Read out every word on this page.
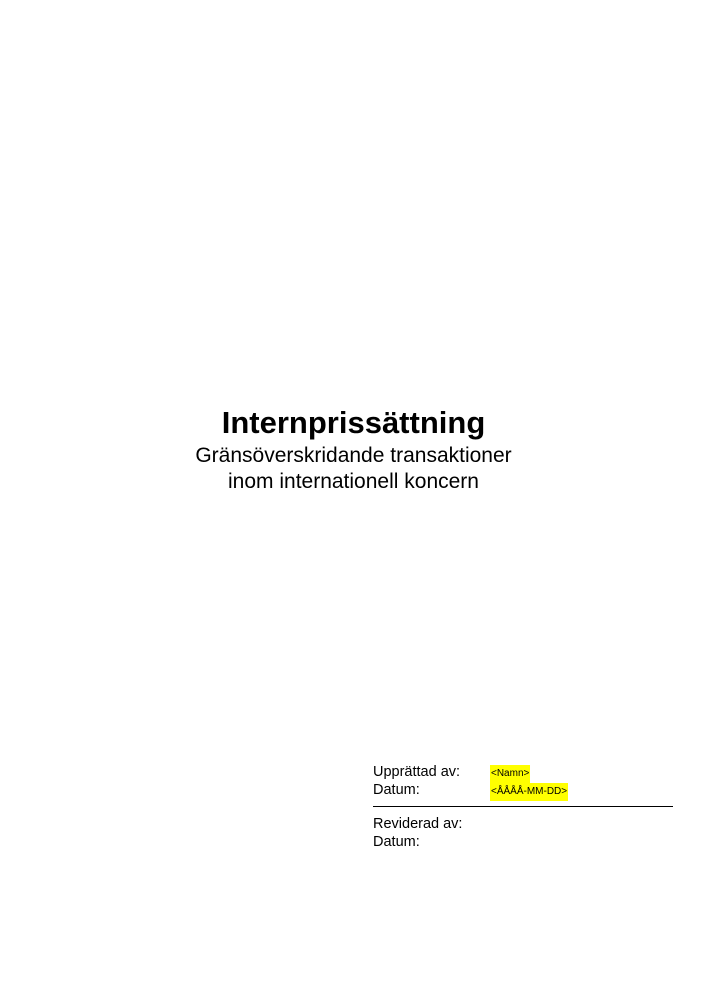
Internprissättning

Gränsöverskridande transaktioner

inom internationell koncern

Upprättad av:	<Namn>
Datum:	<ÅÅÅÅ-MM-DD>
Reviderad av:
Datum:
